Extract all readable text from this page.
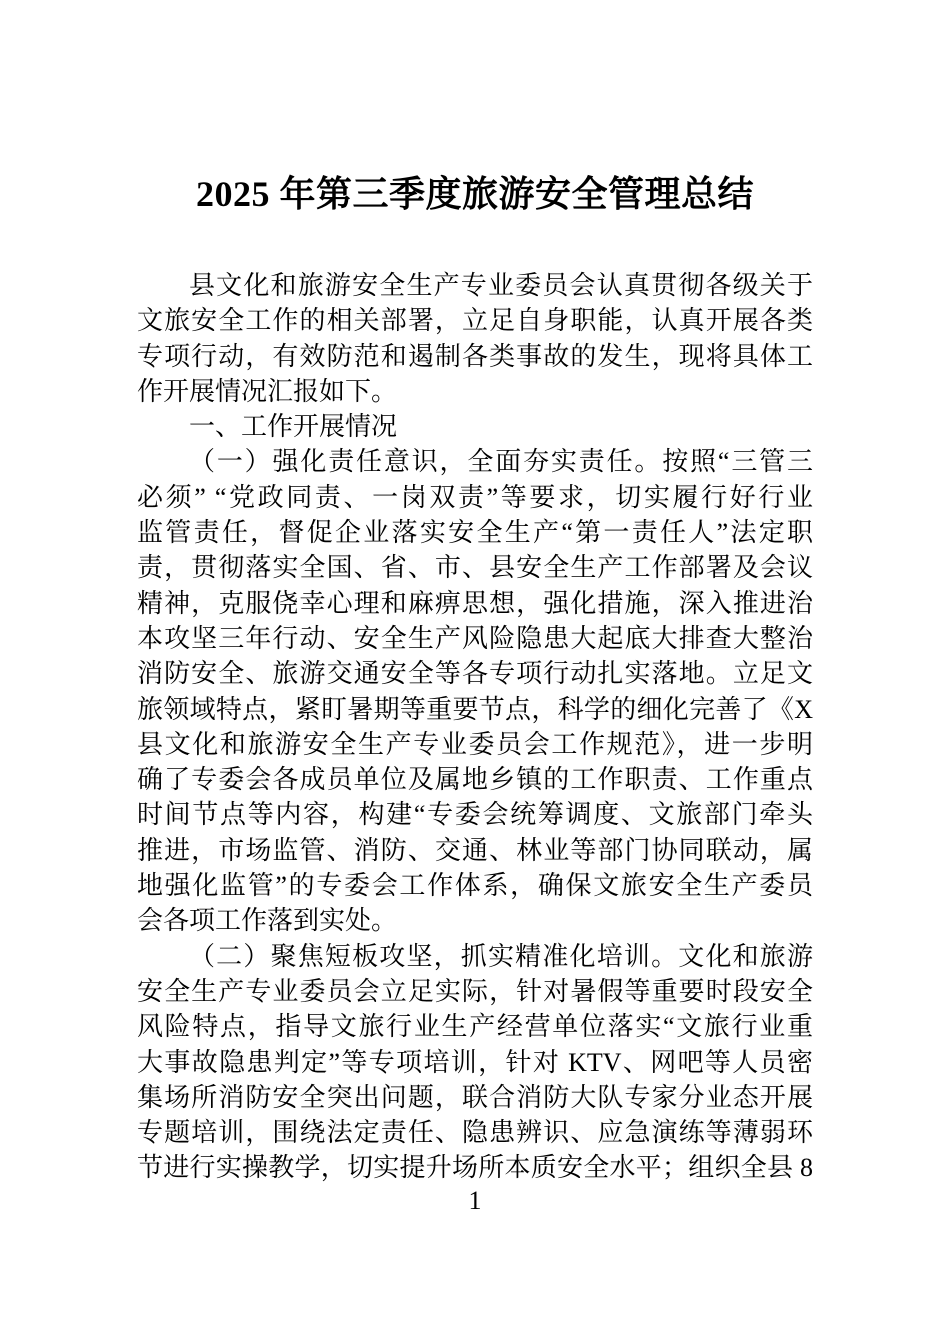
2025 年第三季度旅游安全管理总结
县文化和旅游安全生产专业委员会认真贯彻各级关于
文旅安全工作的相关部署，立足自身职能，认真开展各类
专项行动，有效防范和遏制各类事故的发生，现将具体工
作开展情况汇报如下。
一、工作开展情况
（一）强化责任意识，全面夯实责任。按照“三管三
必须” “党政同责、一岗双责”等要求，切实履行好行业
监管责任，督促企业落实安全生产“第一责任人”法定职
责，贯彻落实全国、省、市、县安全生产工作部署及会议
精神，克服侥幸心理和麻痹思想，强化措施，深入推进治
本攻坚三年行动、安全生产风险隐患大起底大排查大整治
消防安全、旅游交通安全等各专项行动扎实落地。立足文
旅领域特点，紧盯暑期等重要节点，科学的细化完善了《X
县文化和旅游安全生产专业委员会工作规范》，进一步明
确了专委会各成员单位及属地乡镇的工作职责、工作重点
时间节点等内容，构建“专委会统筹调度、文旅部门牵头
推进，市场监管、消防、交通、林业等部门协同联动，属
地强化监管”的专委会工作体系，确保文旅安全生产委员
会各项工作落到实处。
（二）聚焦短板攻坚，抓实精准化培训。文化和旅游
安全生产专业委员会立足实际，针对暑假等重要时段安全
风险特点，指导文旅行业生产经营单位落实“文旅行业重
大事故隐患判定”等专项培训，针对 KTV、网吧等人员密
集场所消防安全突出问题，联合消防大队专家分业态开展
专题培训，围绕法定责任、隐患辨识、应急演练等薄弱环
节进行实操教学，切实提升场所本质安全水平；组织全县 8
1
